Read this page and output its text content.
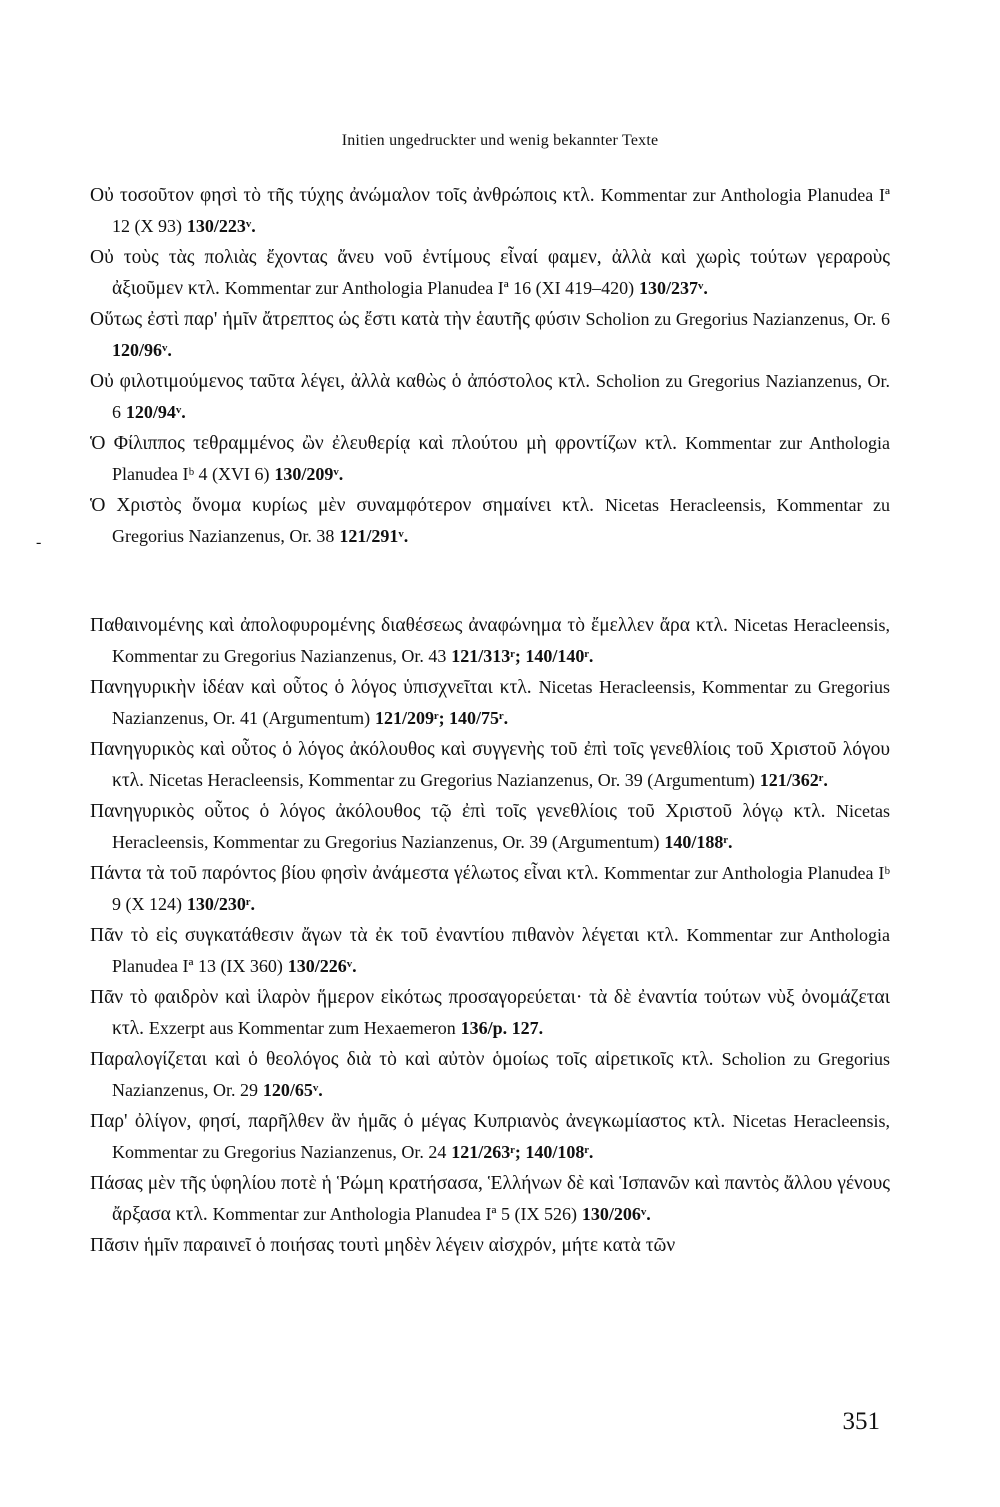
Initien ungedruckter und wenig bekannter Texte
-

Οὐ τοσοῦτον φησὶ τὸ τῆς τύχης ἀνώμαλον τοῖς ἀνθρώποις κτλ. Kommentar zur Anthologia Planudea Iª 12 (X 93) 130/223ᵛ.

Οὐ τοὺς τὰς πολιὰς ἔχοντας ἄνευ νοῦ ἐντίμους εἶναί φαμεν, ἀλλὰ καὶ χωρὶς τούτων γεραροὺς ἀξιοῦμεν κτλ. Kommentar zur Anthologia Planudea Iª 16 (XI 419–420) 130/237ᵛ.

Οὕτως ἐστὶ παρ' ἡμῖν ἄτρεπτος ὡς ἔστι κατὰ τὴν ἑαυτῆς φύσιν Scholion zu Gregorius Nazianzenus, Or. 6 120/96ᵛ.

Οὐ φιλοτιμούμενος ταῦτα λέγει, ἀλλὰ καθὼς ὁ ἀπόστολος κτλ. Scholion zu Gregorius Nazianzenus, Or. 6 120/94ᵛ.

Ὁ Φίλιππος τεθραμμένος ὢν ἐλευθερίᾳ καὶ πλούτου μὴ φροντίζων κτλ. Kommentar zur Anthologia Planudea Iᵇ 4 (XVI 6) 130/209ᵛ.

Ὁ Χριστὸς ὄνομα κυρίως μὲν συναμφότερον σημαίνει κτλ. Nicetas Heracleensis, Kommentar zu Gregorius Nazianzenus, Or. 38 121/291ᵛ.

Παθαινομένης καὶ ἀπολοφυρομένης διαθέσεως ἀναφώνημα τὸ ἔμελλεν ἄρα κτλ. Nicetas Heracleensis, Kommentar zu Gregorius Nazianzenus, Or. 43 121/313ʳ; 140/140ʳ.

Πανηγυρικὴν ἰδέαν καὶ οὗτος ὁ λόγος ὑπισχνεῖται κτλ. Nicetas Heracleensis, Kommentar zu Gregorius Nazianzenus, Or. 41 (Argumentum) 121/209ʳ; 140/75ʳ.

Πανηγυρικὸς καὶ οὗτος ὁ λόγος ἀκόλουθος καὶ συγγενὴς τοῦ ἐπὶ τοῖς γενεθλίοις τοῦ Χριστοῦ λόγου κτλ. Nicetas Heracleensis, Kommentar zu Gregorius Nazianzenus, Or. 39 (Argumentum) 121/362ʳ.

Πανηγυρικὸς οὗτος ὁ λόγος ἀκόλουθος τῷ ἐπὶ τοῖς γενεθλίοις τοῦ Χριστοῦ λόγῳ κτλ. Nicetas Heracleensis, Kommentar zu Gregorius Nazianzenus, Or. 39 (Argumentum) 140/188ʳ.

Πάντα τὰ τοῦ παρόντος βίου φησὶν ἀνάμεστα γέλωτος εἶναι κτλ. Kommentar zur Anthologia Planudea Iᵇ 9 (X 124) 130/230ʳ.

Πᾶν τὸ εἰς συγκατάθεσιν ἄγων τὰ ἐκ τοῦ ἐναντίου πιθανὸν λέγεται κτλ. Kommentar zur Anthologia Planudea Iª 13 (IX 360) 130/226ᵛ.

Πᾶν τὸ φαιδρὸν καὶ ἱλαρὸν ἥμερον εἰκότως προσαγορεύεται· τὰ δὲ ἐναντία τούτων νὺξ ὀνομάζεται κτλ. Exzerpt aus Kommentar zum Hexaemeron 136/p. 127.

Παραλογίζεται καὶ ὁ θεολόγος διὰ τὸ καὶ αὐτὸν ὁμοίως τοῖς αἱρετικοῖς κτλ. Scholion zu Gregorius Nazianzenus, Or. 29 120/65ᵛ.

Παρ' ὀλίγον, φησί, παρῆλθεν ἂν ἡμᾶς ὁ μέγας Κυπριανὸς ἀνεγκωμίαστος κτλ. Nicetas Heracleensis, Kommentar zu Gregorius Nazianzenus, Or. 24 121/263ʳ; 140/108ʳ.

Πάσας μὲν τῆς ὑφηλίου ποτὲ ἡ Ῥώμη κρατήσασα, Ἑλλήνων δὲ καὶ Ἱσπανῶν καὶ παντὸς ἄλλου γένους ἄρξασα κτλ. Kommentar zur Anthologia Planudea Iª 5 (IX 526) 130/206ᵛ.

Πᾶσιν ἡμῖν παραινεῖ ὁ ποιήσας τουτὶ μηδὲν λέγειν αἰσχρόν, μήτε κατὰ τῶν

351
